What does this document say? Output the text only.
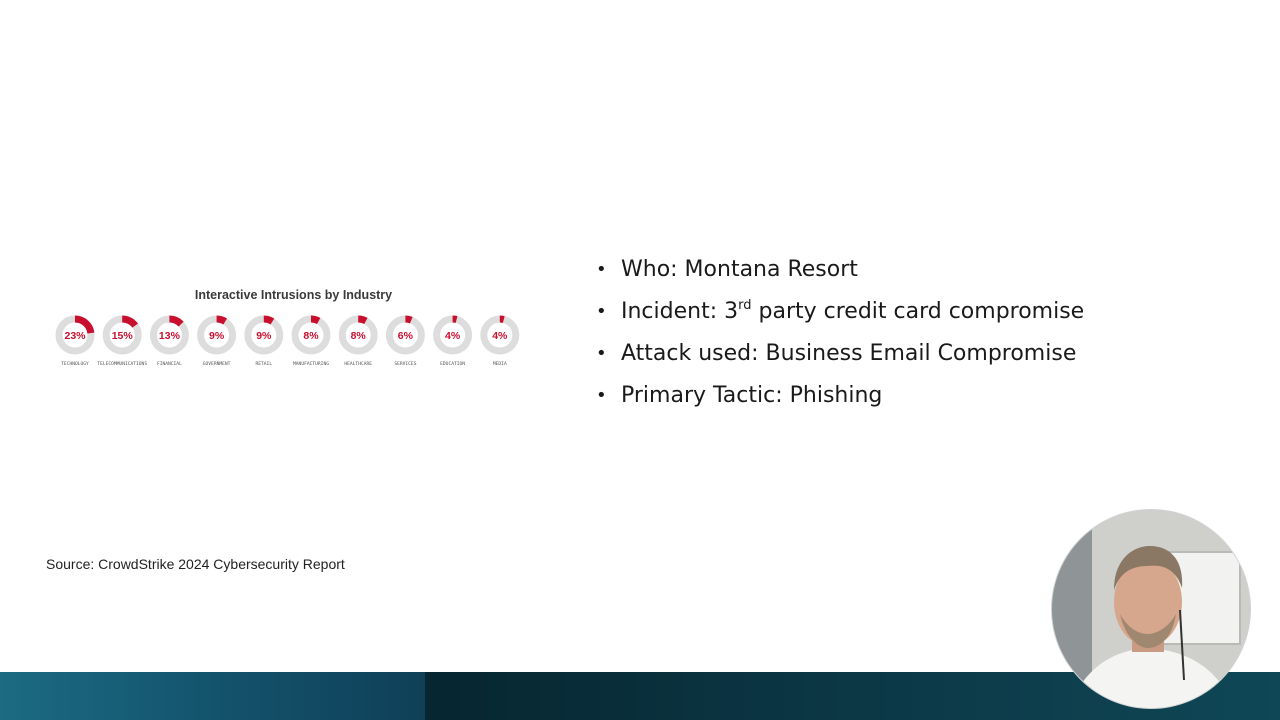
Interactive Intrusions by Industry
23%
TECHNOLOGY
15%
TELECOMMUNICATIONS
13%
FINANCIAL
9%
GOVERNMENT
9%
RETAIL
8%
MANUFACTURING
8%
HEALTHCARE
6%
SERVICES
4%
EDUCATION
4%
MEDIA
• Who: Montana Resort
• Incident: 3rd party credit card compromise
• Attack used: Business Email Compromise
• Primary Tactic: Phishing
Source: CrowdStrike 2024 Cybersecurity Report
